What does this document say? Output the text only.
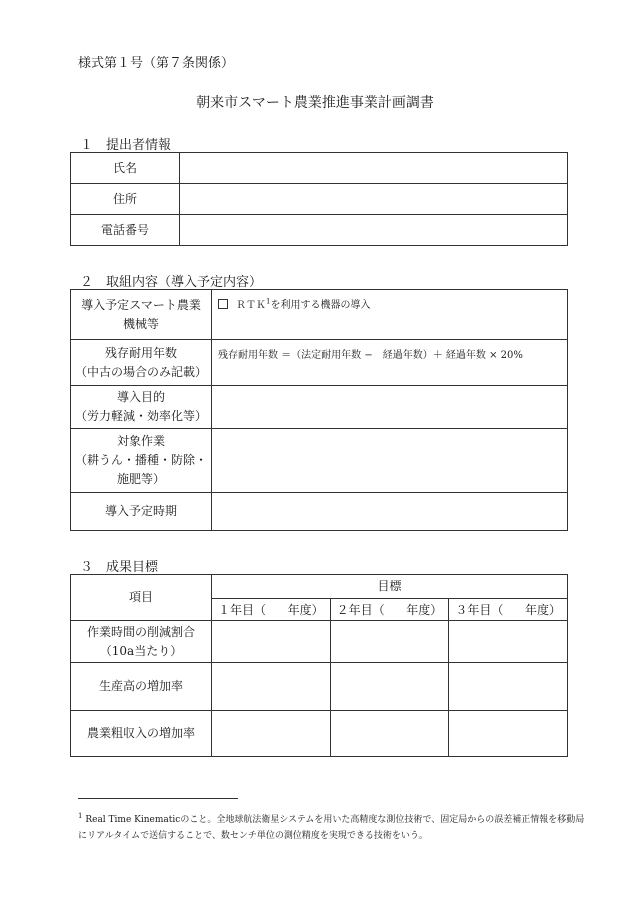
様式第１号（第７条関係）
朝来市スマート農業推進事業計画調書
１　提出者情報
氏名	
住所	
電話番号	
２　取組内容（導入予定内容）
導入予定スマート農業
機械等	ＲＴＫ$^1$を利用する機器の導入

残存耐用年数
（中古の場合のみ記載）	残存耐用年数 ＝（法定耐用年数 −　経過年数）＋ 経過年数 × 20%

導入目的
（労力軽減・効率化等）	

対象作業
（耕うん・播種・防除・
施肥等）	

導入予定時期	
３　成果目標
項目	目標		

	１年目（ 年度）	２年目（ 年度）	３年目（ 年度）

作業時間の削減割合
（10a当たり）			

生産高の増加率			
農業粗収入の増加率			
$^1$ Real Time Kinematicのこと。全地球航法衛星システムを用いた高精度な測位技術で、固定局からの誤差補正情報を移動局にリアルタイムで送信することで、数センチ単位の測位精度を実現できる技術をいう。
